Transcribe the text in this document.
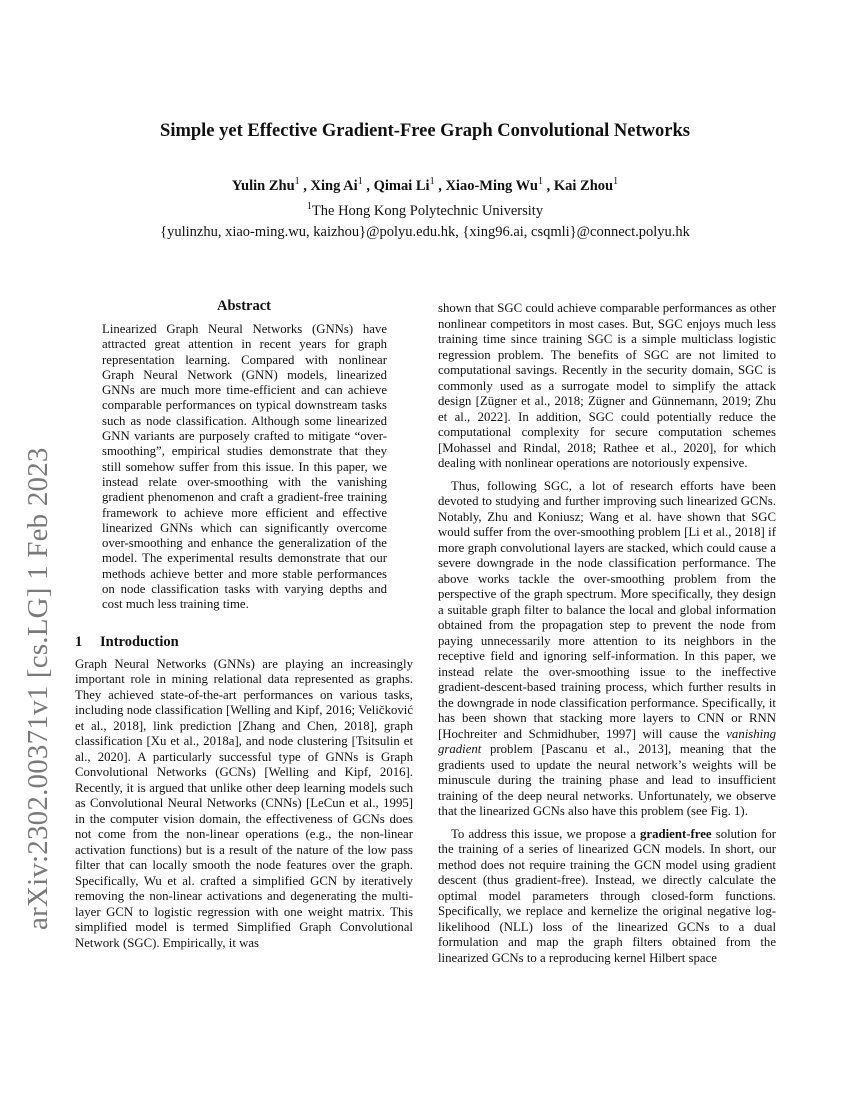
arXiv:2302.00371v1 [cs.LG] 1 Feb 2023
Simple yet Effective Gradient-Free Graph Convolutional Networks
Yulin Zhu$^1$ , Xing Ai$^1$ , Qimai Li$^1$ , Xiao-Ming Wu$^1$ , Kai Zhou$^1$
$^1$The Hong Kong Polytechnic University
{yulinzhu, xiao-ming.wu, kaizhou}@polyu.edu.hk, {xing96.ai, csqmli}@connect.polyu.hk
Abstract

Linearized Graph Neural Networks (GNNs) have attracted great attention in recent years for graph representation learning. Compared with nonlinear Graph Neural Network (GNN) models, linearized GNNs are much more time-efficient and can achieve comparable performances on typical downstream tasks such as node classification. Although some linearized GNN variants are purposely crafted to mitigate “over-smoothing”, empirical studies demonstrate that they still somehow suffer from this issue. In this paper, we instead relate over-smoothing with the vanishing gradient phenomenon and craft a gradient-free training framework to achieve more efficient and effective linearized GNNs which can significantly overcome over-smoothing and enhance the generalization of the model. The experimental results demonstrate that our methods achieve better and more stable performances on node classification tasks with varying depths and cost much less training time.

1 Introduction

Graph Neural Networks (GNNs) are playing an increasingly important role in mining relational data represented as graphs. They achieved state-of-the-art performances on various tasks, including node classification [Welling and Kipf, 2016; Veličković et al., 2018], link prediction [Zhang and Chen, 2018], graph classification [Xu et al., 2018a], and node clustering [Tsitsulin et al., 2020]. A particularly successful type of GNNs is Graph Convolutional Networks (GCNs) [Welling and Kipf, 2016]. Recently, it is argued that unlike other deep learning models such as Convolutional Neural Networks (CNNs) [LeCun et al., 1995] in the computer vision domain, the effectiveness of GCNs does not come from the non-linear operations (e.g., the non-linear activation functions) but is a result of the nature of the low pass filter that can locally smooth the node features over the graph. Specifically, Wu et al. crafted a simplified GCN by iteratively removing the non-linear activations and degenerating the multi-layer GCN to logistic regression with one weight matrix. This simplified model is termed Simplified Graph Convolutional Network (SGC). Empirically, it was

shown that SGC could achieve comparable performances as other nonlinear competitors in most cases. But, SGC enjoys much less training time since training SGC is a simple multiclass logistic regression problem. The benefits of SGC are not limited to computational savings. Recently in the security domain, SGC is commonly used as a surrogate model to simplify the attack design [Zügner et al., 2018; Zügner and Günnemann, 2019; Zhu et al., 2022]. In addition, SGC could potentially reduce the computational complexity for secure computation schemes [Mohassel and Rindal, 2018; Rathee et al., 2020], for which dealing with nonlinear operations are notoriously expensive.

Thus, following SGC, a lot of research efforts have been devoted to studying and further improving such linearized GCNs. Notably, Zhu and Koniusz; Wang et al. have shown that SGC would suffer from the over-smoothing problem [Li et al., 2018] if more graph convolutional layers are stacked, which could cause a severe downgrade in the node classification performance. The above works tackle the over-smoothing problem from the perspective of the graph spectrum. More specifically, they design a suitable graph filter to balance the local and global information obtained from the propagation step to prevent the node from paying unnecessarily more attention to its neighbors in the receptive field and ignoring self-information. In this paper, we instead relate the over-smoothing issue to the ineffective gradient-descent-based training process, which further results in the downgrade in node classification performance. Specifically, it has been shown that stacking more layers to CNN or RNN [Hochreiter and Schmidhuber, 1997] will cause the vanishing gradient problem [Pascanu et al., 2013], meaning that the gradients used to update the neural network’s weights will be minuscule during the training phase and lead to insufficient training of the deep neural networks. Unfortunately, we observe that the linearized GCNs also have this problem (see Fig. 1).

To address this issue, we propose a gradient-free solution for the training of a series of linearized GCN models. In short, our method does not require training the GCN model using gradient descent (thus gradient-free). Instead, we directly calculate the optimal model parameters through closed-form functions. Specifically, we replace and kernelize the original negative log-likelihood (NLL) loss of the linearized GCNs to a dual formulation and map the graph filters obtained from the linearized GCNs to a reproducing kernel Hilbert space
